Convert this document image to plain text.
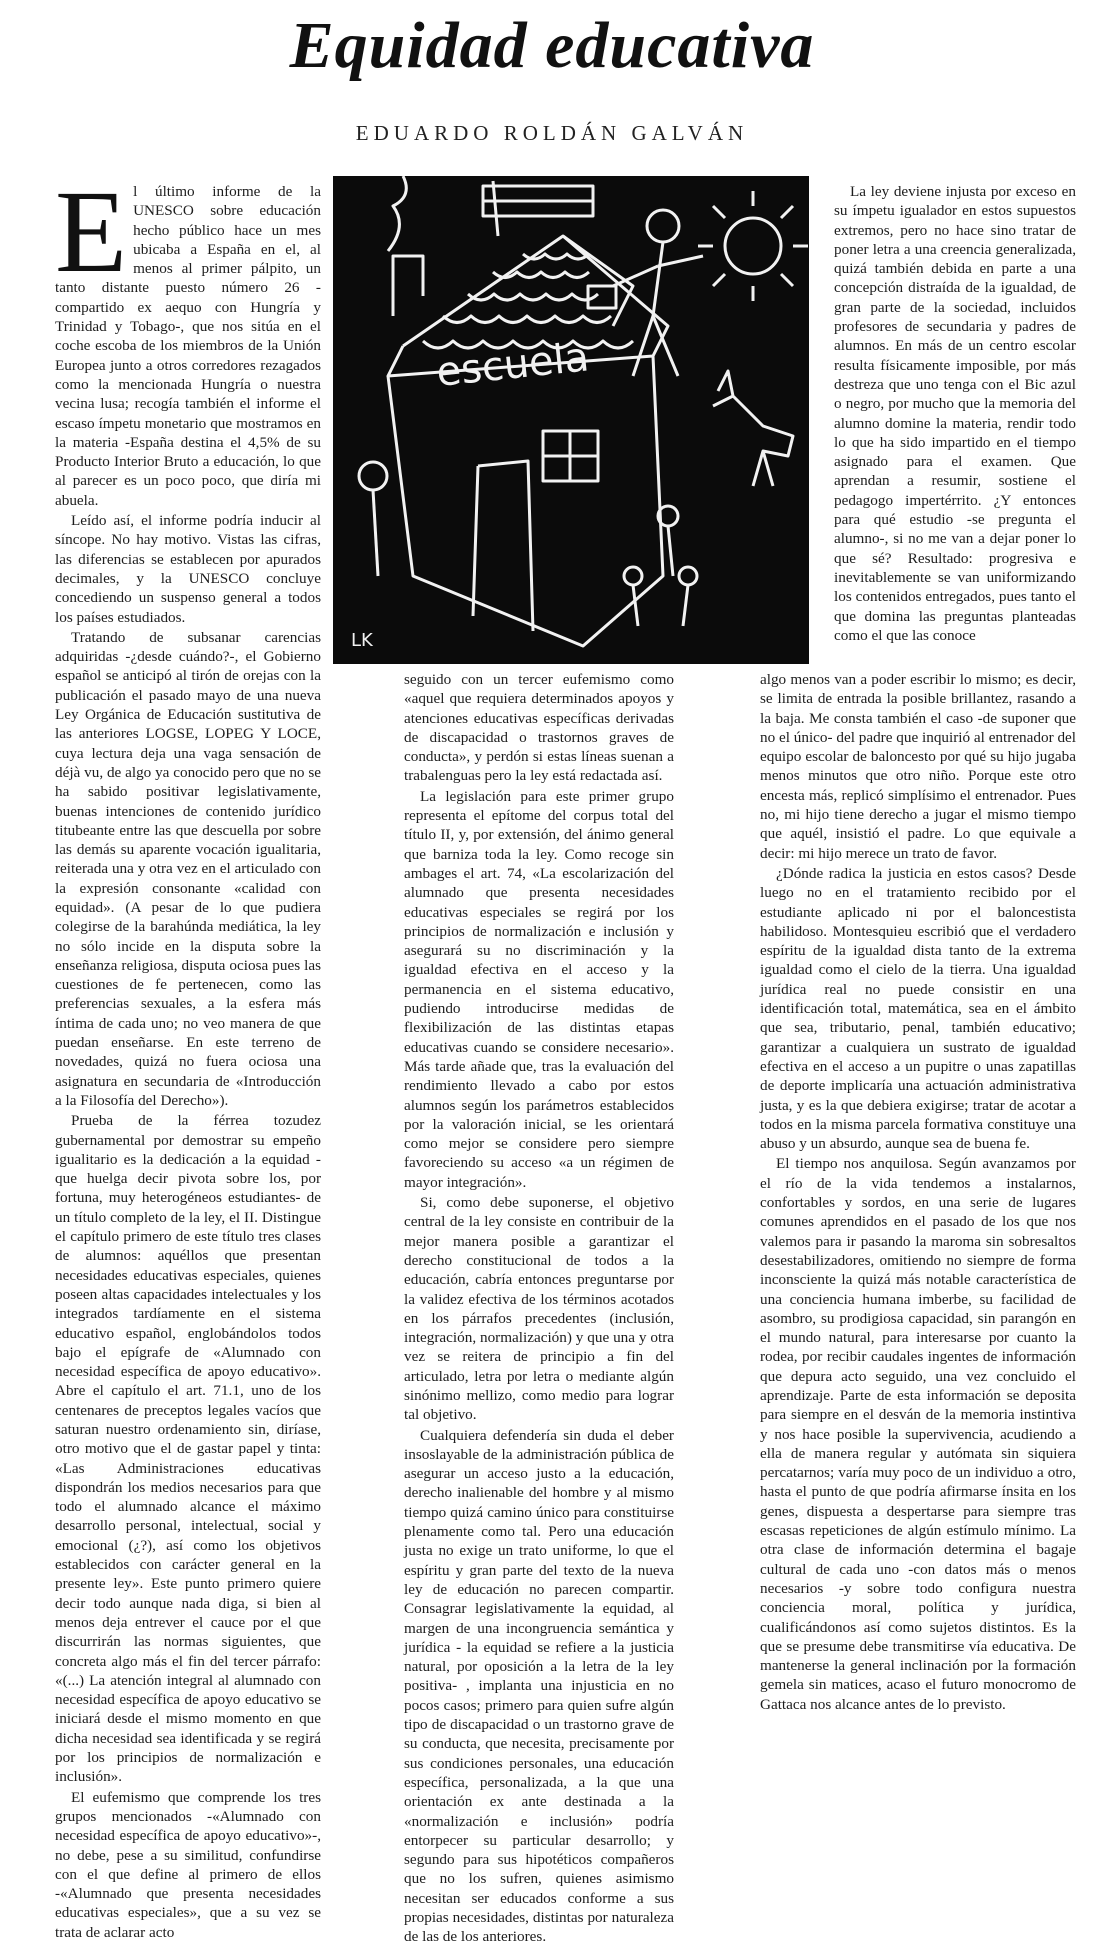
Equidad educativa
EDUARDO ROLDÁN GALVÁN
escuela
LK

El último informe de la UNESCO sobre educación hecho público hace un mes ubicaba a España en el, al menos al primer pálpito, un tanto distante puesto número 26 -compartido ex aequo con Hungría y Trinidad y Tobago-, que nos sitúa en el coche escoba de los miembros de la Unión Europea junto a otros corredores rezagados como la mencionada Hungría o nuestra vecina lusa; recogía también el informe el escaso ímpetu monetario que mostramos en la materia -España destina el 4,5% de su Producto Interior Bruto a educación, lo que al parecer es un poco poco, que diría mi abuela.

Leído así, el informe podría inducir al síncope. No hay motivo. Vistas las cifras, las diferencias se establecen por apurados decimales, y la UNESCO concluye concediendo un suspenso general a todos los países estudiados.

Tratando de subsanar carencias adquiridas -¿desde cuándo?-, el Gobierno español se anticipó al tirón de orejas con la publicación el pasado mayo de una nueva Ley Orgánica de Educación sustitutiva de las anteriores LOGSE, LOPEG Y LOCE, cuya lectura deja una vaga sensación de déjà vu, de algo ya conocido pero que no se ha sabido positivar legislativamente, buenas intenciones de contenido jurídico titubeante entre las que descuella por sobre las demás su aparente vocación igualitaria, reiterada una y otra vez en el articulado con la expresión consonante «calidad con equidad». (A pesar de lo que pudiera colegirse de la barahúnda mediática, la ley no sólo incide en la disputa sobre la enseñanza religiosa, disputa ociosa pues las cuestiones de fe pertenecen, como las preferencias sexuales, a la esfera más íntima de cada uno; no veo manera de que puedan enseñarse. En este terreno de novedades, quizá no fuera ociosa una asignatura en secundaria de «Introducción a la Filosofía del Derecho»).

Prueba de la férrea tozudez gubernamental por demostrar su empeño igualitario es la dedicación a la equidad -que huelga decir pivota sobre los, por fortuna, muy heterogéneos estudiantes- de un título completo de la ley, el II. Distingue el capítulo primero de este título tres clases de alumnos: aquéllos que presentan necesidades educativas especiales, quienes poseen altas capacidades intelectuales y los integrados tardíamente en el sistema educativo español, englobándolos todos bajo el epígrafe de «Alumnado con necesidad específica de apoyo educativo». Abre el capítulo el art. 71.1, uno de los centenares de preceptos legales vacíos que saturan nuestro ordenamiento sin, diríase, otro motivo que el de gastar papel y tinta: «Las Administraciones educativas dispondrán los medios necesarios para que todo el alumnado alcance el máximo desarrollo personal, intelectual, social y emocional (¿?), así como los objetivos establecidos con carácter general en la presente ley». Este punto primero quiere decir todo aunque nada diga, si bien al menos deja entrever el cauce por el que discurrirán las normas siguientes, que concreta algo más el fin del tercer párrafo: «(...) La atención integral al alumnado con necesidad específica de apoyo educativo se iniciará desde el mismo momento en que dicha necesidad sea identificada y se regirá por los principios de normalización e inclusión».

El eufemismo que comprende los tres grupos mencionados -«Alumnado con necesidad específica de apoyo educativo»-, no debe, pese a su similitud, confundirse con el que define al primero de ellos -«Alumnado que presenta necesidades educativas especiales», que a su vez se trata de aclarar acto

seguido con un tercer eufemismo como «aquel que requiera determinados apoyos y atenciones educativas específicas derivadas de discapacidad o trastornos graves de conducta», y perdón si estas líneas suenan a trabalenguas pero la ley está redactada así.

La legislación para este primer grupo representa el epítome del corpus total del título II, y, por extensión, del ánimo general que barniza toda la ley. Como recoge sin ambages el art. 74, «La escolarización del alumnado que presenta necesidades educativas especiales se regirá por los principios de normalización e inclusión y asegurará su no discriminación y la igualdad efectiva en el acceso y la permanencia en el sistema educativo, pudiendo introducirse medidas de flexibilización de las distintas etapas educativas cuando se considere necesario». Más tarde añade que, tras la evaluación del rendimiento llevado a cabo por estos alumnos según los parámetros establecidos por la valoración inicial, se les orientará como mejor se considere pero siempre favoreciendo su acceso «a un régimen de mayor integración».

Si, como debe suponerse, el objetivo central de la ley consiste en contribuir de la mejor manera posible a garantizar el derecho constitucional de todos a la educación, cabría entonces preguntarse por la validez efectiva de los términos acotados en los párrafos precedentes (inclusión, integración, normalización) y que una y otra vez se reitera de principio a fin del articulado, letra por letra o mediante algún sinónimo mellizo, como medio para lograr tal objetivo.

Cualquiera defendería sin duda el deber insoslayable de la administración pública de asegurar un acceso justo a la educación, derecho inalienable del hombre y al mismo tiempo quizá camino único para constituirse plenamente como tal. Pero una educación justa no exige un trato uniforme, lo que el espíritu y gran parte del texto de la nueva ley de educación no parecen compartir. Consagrar legislativamente la equidad, al margen de una incongruencia semántica y jurídica - la equidad se refiere a la justicia natural, por oposición a la letra de la ley positiva- , implanta una injusticia en no pocos casos; primero para quien sufre algún tipo de discapacidad o un trastorno grave de su conducta, que necesita, precisamente por sus condiciones personales, una educación específica, personalizada, a la que una orientación ex ante destinada a la «normalización e inclusión» podría entorpecer su particular desarrollo; y segundo para sus hipotéticos compañeros que no los sufren, quienes asimismo necesitan ser educados conforme a sus propias necesidades, distintas por naturaleza de las de los anteriores.

La ley deviene injusta por exceso en su ímpetu igualador en estos supuestos extremos, pero no hace sino tratar de poner letra a una creencia generalizada, quizá también debida en parte a una concepción distraída de la igualdad, de gran parte de la sociedad, incluidos profesores de secundaria y padres de alumnos. En más de un centro escolar resulta físicamente imposible, por más destreza que uno tenga con el Bic azul o negro, por mucho que la memoria del alumno domine la materia, rendir todo lo que ha sido impartido en el tiempo asignado para el examen. Que aprendan a resumir, sostiene el pedagogo impertérrito. ¿Y entonces para qué estudio -se pregunta el alumno-, si no me van a dejar poner lo que sé? Resultado: progresiva e inevitablemente se van uniformizando los contenidos entregados, pues tanto el que domina las preguntas planteadas como el que las conoce

algo menos van a poder escribir lo mismo; es decir, se limita de entrada la posible brillantez, rasando a la baja. Me consta también el caso -de suponer que no el único- del padre que inquirió al entrenador del equipo escolar de baloncesto por qué su hijo jugaba menos minutos que otro niño. Porque este otro encesta más, replicó simplísimo el entrenador. Pues no, mi hijo tiene derecho a jugar el mismo tiempo que aquél, insistió el padre. Lo que equivale a decir: mi hijo merece un trato de favor.

¿Dónde radica la justicia en estos casos? Desde luego no en el tratamiento recibido por el estudiante aplicado ni por el baloncestista habilidoso. Montesquieu escribió que el verdadero espíritu de la igualdad dista tanto de la extrema igualdad como el cielo de la tierra. Una igualdad jurídica real no puede consistir en una identificación total, matemática, sea en el ámbito que sea, tributario, penal, también educativo; garantizar a cualquiera un sustrato de igualdad efectiva en el acceso a un pupitre o unas zapatillas de deporte implicaría una actuación administrativa justa, y es la que debiera exigirse; tratar de acotar a todos en la misma parcela formativa constituye una abuso y un absurdo, aunque sea de buena fe.

El tiempo nos anquilosa. Según avanzamos por el río de la vida tendemos a instalarnos, confortables y sordos, en una serie de lugares comunes aprendidos en el pasado de los que nos valemos para ir pasando la maroma sin sobresaltos desestabilizadores, omitiendo no siempre de forma inconsciente la quizá más notable característica de una conciencia humana imberbe, su facilidad de asombro, su prodigiosa capacidad, sin parangón en el mundo natural, para interesarse por cuanto la rodea, por recibir caudales ingentes de información que depura acto seguido, una vez concluido el aprendizaje. Parte de esta información se deposita para siempre en el desván de la memoria instintiva y nos hace posible la supervivencia, acudiendo a ella de manera regular y autómata sin siquiera percatarnos; varía muy poco de un individuo a otro, hasta el punto de que podría afirmarse ínsita en los genes, dispuesta a despertarse para siempre tras escasas repeticiones de algún estímulo mínimo. La otra clase de información determina el bagaje cultural de cada uno -con datos más o menos necesarios -y sobre todo configura nuestra conciencia moral, política y jurídica, cualificándonos así como sujetos distintos. Es la que se presume debe transmitirse vía educativa. De mantenerse la general inclinación por la formación gemela sin matices, acaso el futuro monocromo de Gattaca nos alcance antes de lo previsto.
